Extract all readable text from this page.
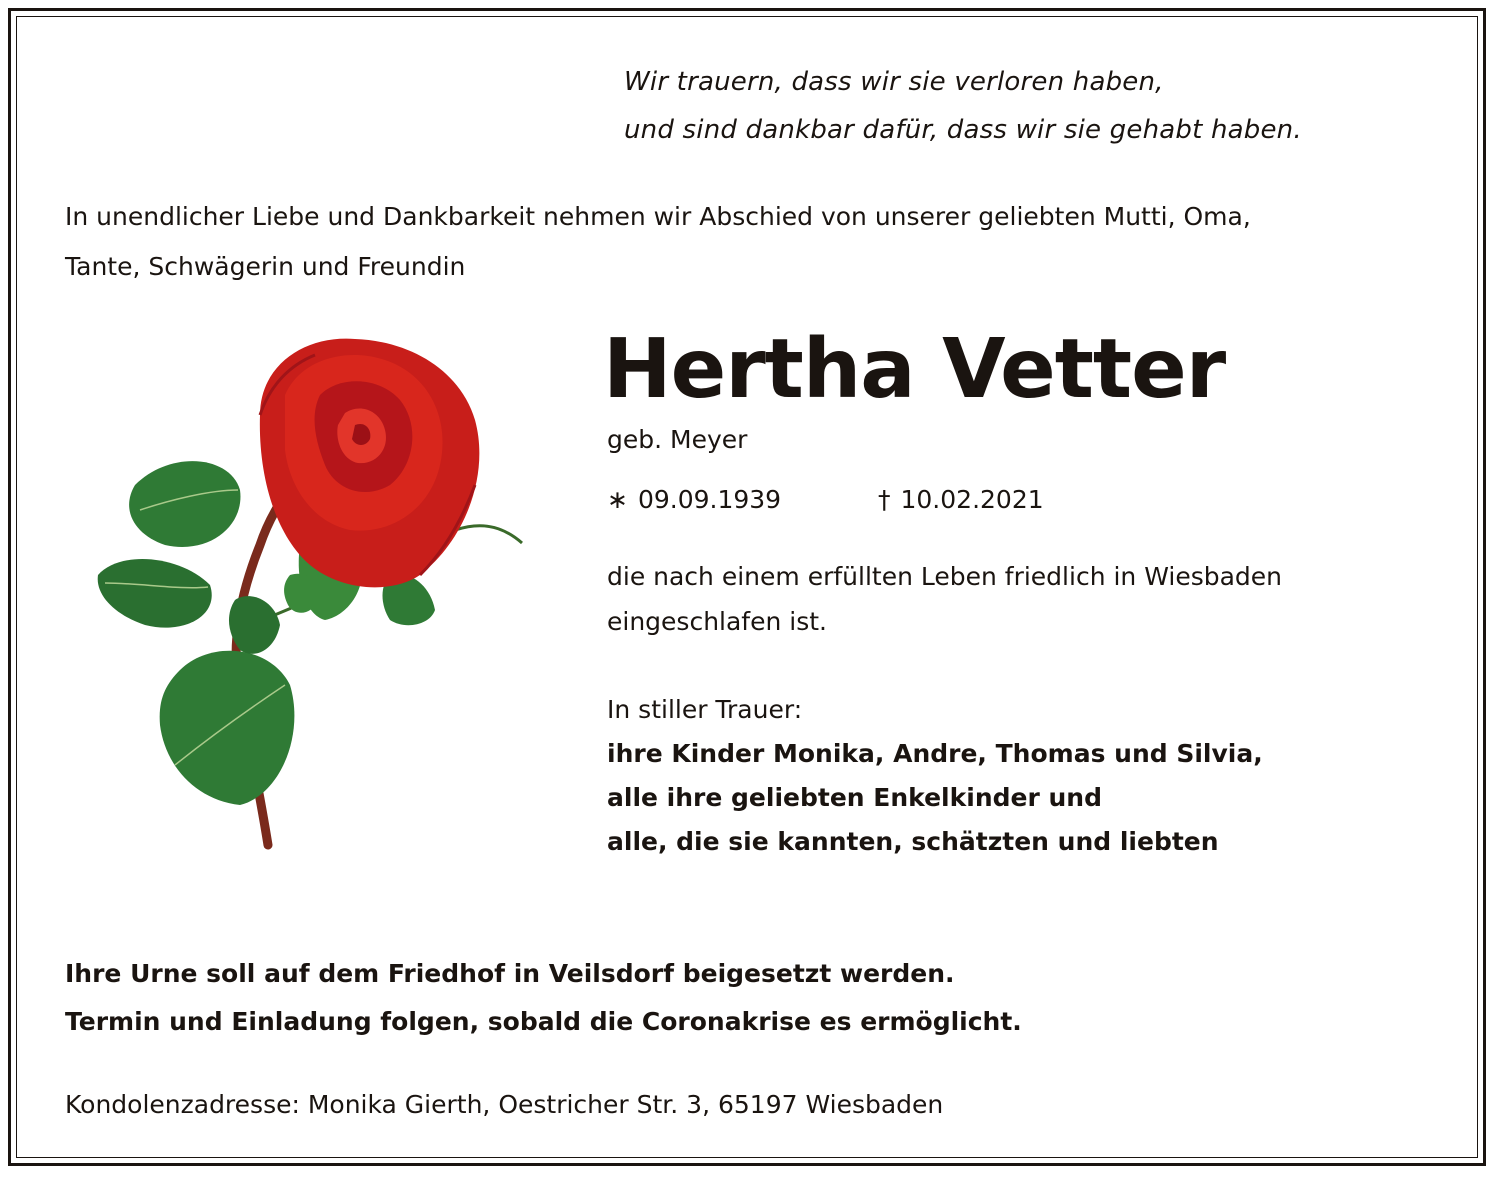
Wir trauern, dass wir sie verloren haben,
und sind dankbar dafür, dass wir sie gehabt haben.
In unendlicher Liebe und Dankbarkeit nehmen wir Abschied von unserer geliebten Mutti, Oma,
Tante, Schwägerin und Freundin
Hertha Vetter
geb. Meyer
∗ 09.09.1939	† 10.02.2021
die nach einem erfüllten Leben friedlich in Wiesbaden
eingeschlafen ist.
In stiller Trauer:
ihre Kinder Monika, Andre, Thomas und Silvia,
alle ihre geliebten Enkelkinder und
alle, die sie kannten, schätzten und liebten
Ihre Urne soll auf dem Friedhof in Veilsdorf beigesetzt werden.
Termin und Einladung folgen, sobald die Coronakrise es ermöglicht.
Kondolenzadresse: Monika Gierth, Oestricher Str. 3, 65197 Wiesbaden
